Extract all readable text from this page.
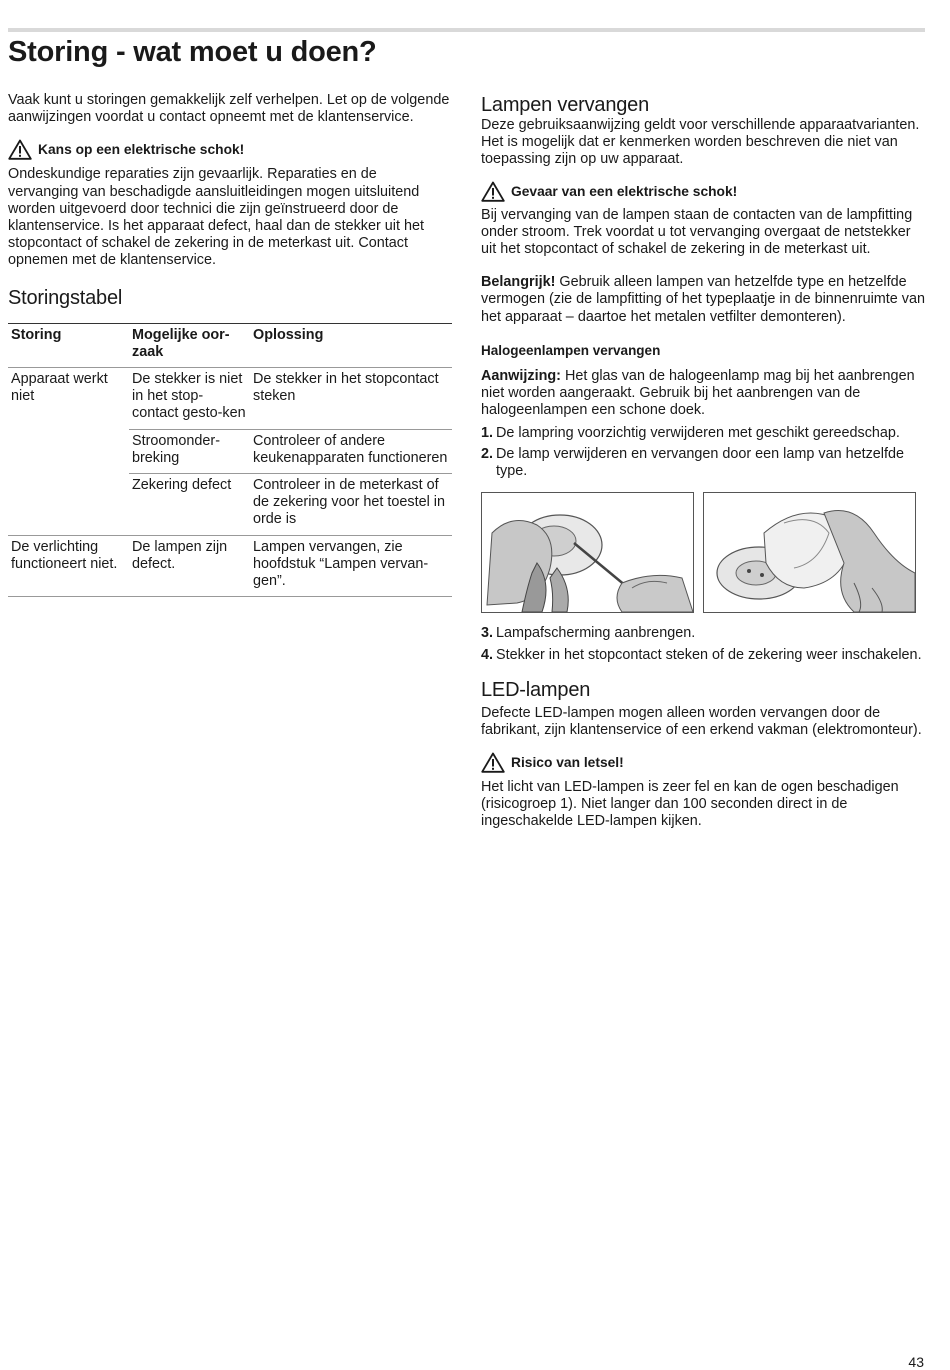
Storing - wat moet u doen?

Vaak kunt u storingen gemakkelijk zelf verhelpen. Let op de volgende aanwijzingen voordat u contact opneemt met de klantenservice.

Kans op een elektrische schok!

Ondeskundige reparaties zijn gevaarlijk. Reparaties en de vervanging van beschadigde aansluitleidingen mogen uitsluitend worden uitgevoerd door technici die zijn geïnstrueerd door de klantenservice. Is het apparaat defect, haal dan de stekker uit het stopcontact of schakel de zekering in de meterkast uit. Contact opnemen met de klantenservice.

Storingstabel
Storing	Mogelijke oor-zaak	Oplossing
Apparaat werkt niet	De stekker is niet in het stop-contact gesto-ken	De stekker in het stopcontact steken
	Stroomonder-breking	Controleer of andere keukenapparaten functioneren
	Zekering defect	Controleer in de meterkast of de zekering voor het toestel in orde is
De verlichting functioneert niet.	De lampen zijn defect.	Lampen vervangen, zie hoofdstuk “Lampen vervan-gen”.
Lampen vervangen

Deze gebruiksaanwijzing geldt voor verschillende apparaatvarianten. Het is mogelijk dat er kenmerken worden beschreven die niet van toepassing zijn op uw apparaat.

Gevaar van een elektrische schok!

Bij vervanging van de lampen staan de contacten van de lampfitting onder stroom. Trek voordat u tot vervanging overgaat de netstekker uit het stopcontact of schakel de zekering in de meterkast uit.

Belangrijk! Gebruik alleen lampen van hetzelfde type en hetzelfde vermogen (zie de lampfitting of het typeplaatje in de binnenruimte van het apparaat – daartoe het metalen vetfilter demonteren).

Halogeenlampen vervangen

Aanwijzing: Het glas van de halogeenlamp mag bij het aanbrengen niet worden aangeraakt. Gebruik bij het aanbrengen van de halogeenlampen een schone doek.

1. De lampring voorzichtig verwijderen met geschikt gereedschap.
2. De lamp verwijderen en vervangen door een lamp van hetzelfde type.
3. Lampafscherming aanbrengen.
4. Stekker in het stopcontact steken of de zekering weer inschakelen.
LED-lampen

Defecte LED-lampen mogen alleen worden vervangen door de fabrikant, zijn klantenservice of een erkend vakman (elektromonteur).

Risico van letsel!

Het licht van LED-lampen is zeer fel en kan de ogen beschadigen (risicogroep 1). Niet langer dan 100 seconden direct in de ingeschakelde LED-lampen kijken.

43
